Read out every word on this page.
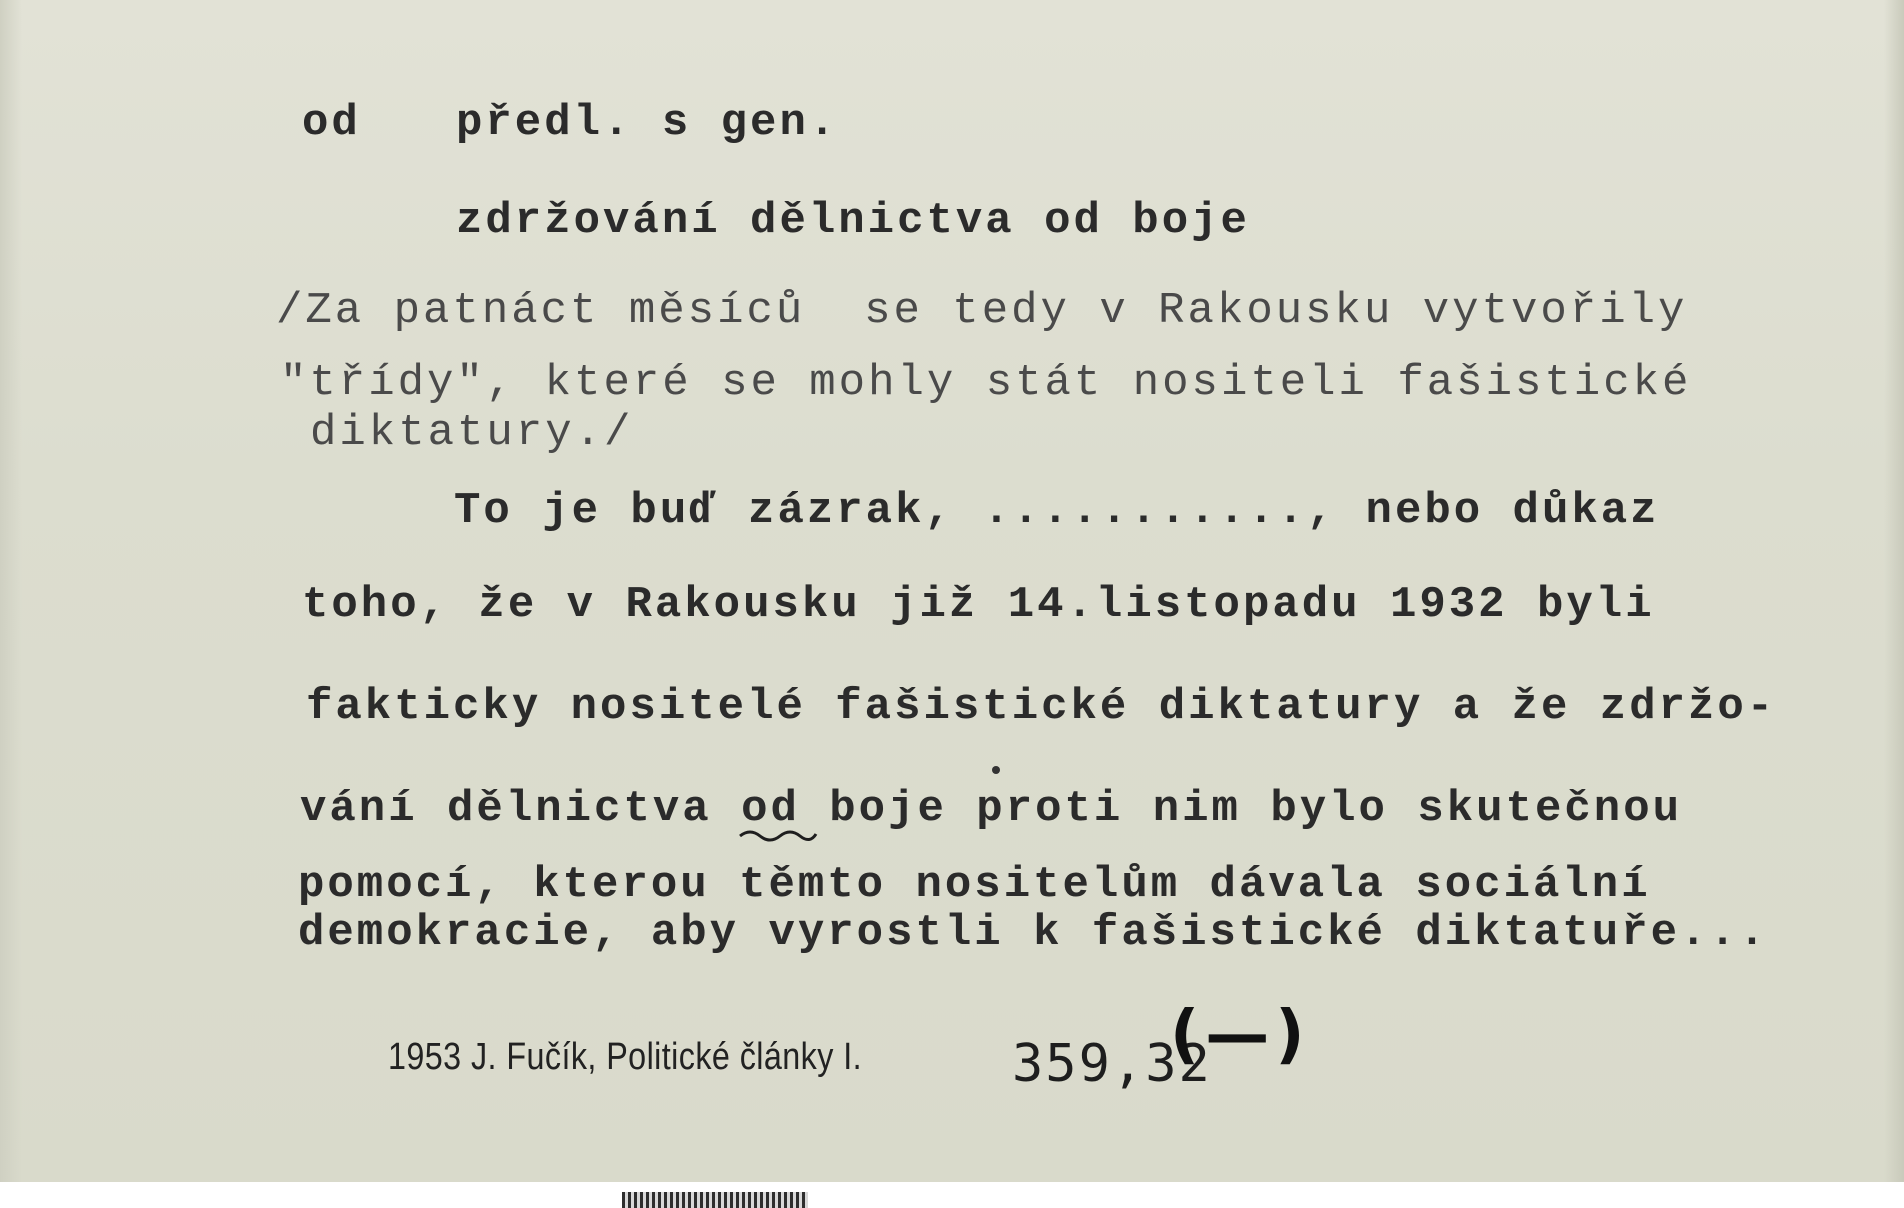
od předl. s gen.
zdržování dělnictva od boje
/Za patnáct měsíců  se tedy v Rakousku vytvořily
"třídy", které se mohly stát nositeli fašistické
diktatury./
To je buď zázrak, ..........., nebo důkaz
toho, že v Rakousku již 14.listopadu 1932 byli
fakticky nositelé fašistické diktatury a že zdržo-
vání dělnictva od boje proti nim bylo skutečnou
pomocí, kterou těmto nositelům dávala sociální
demokracie, aby vyrostli k fašistické diktatuře...
1953 J. Fučík, Politické články I.	359,32
(—)
